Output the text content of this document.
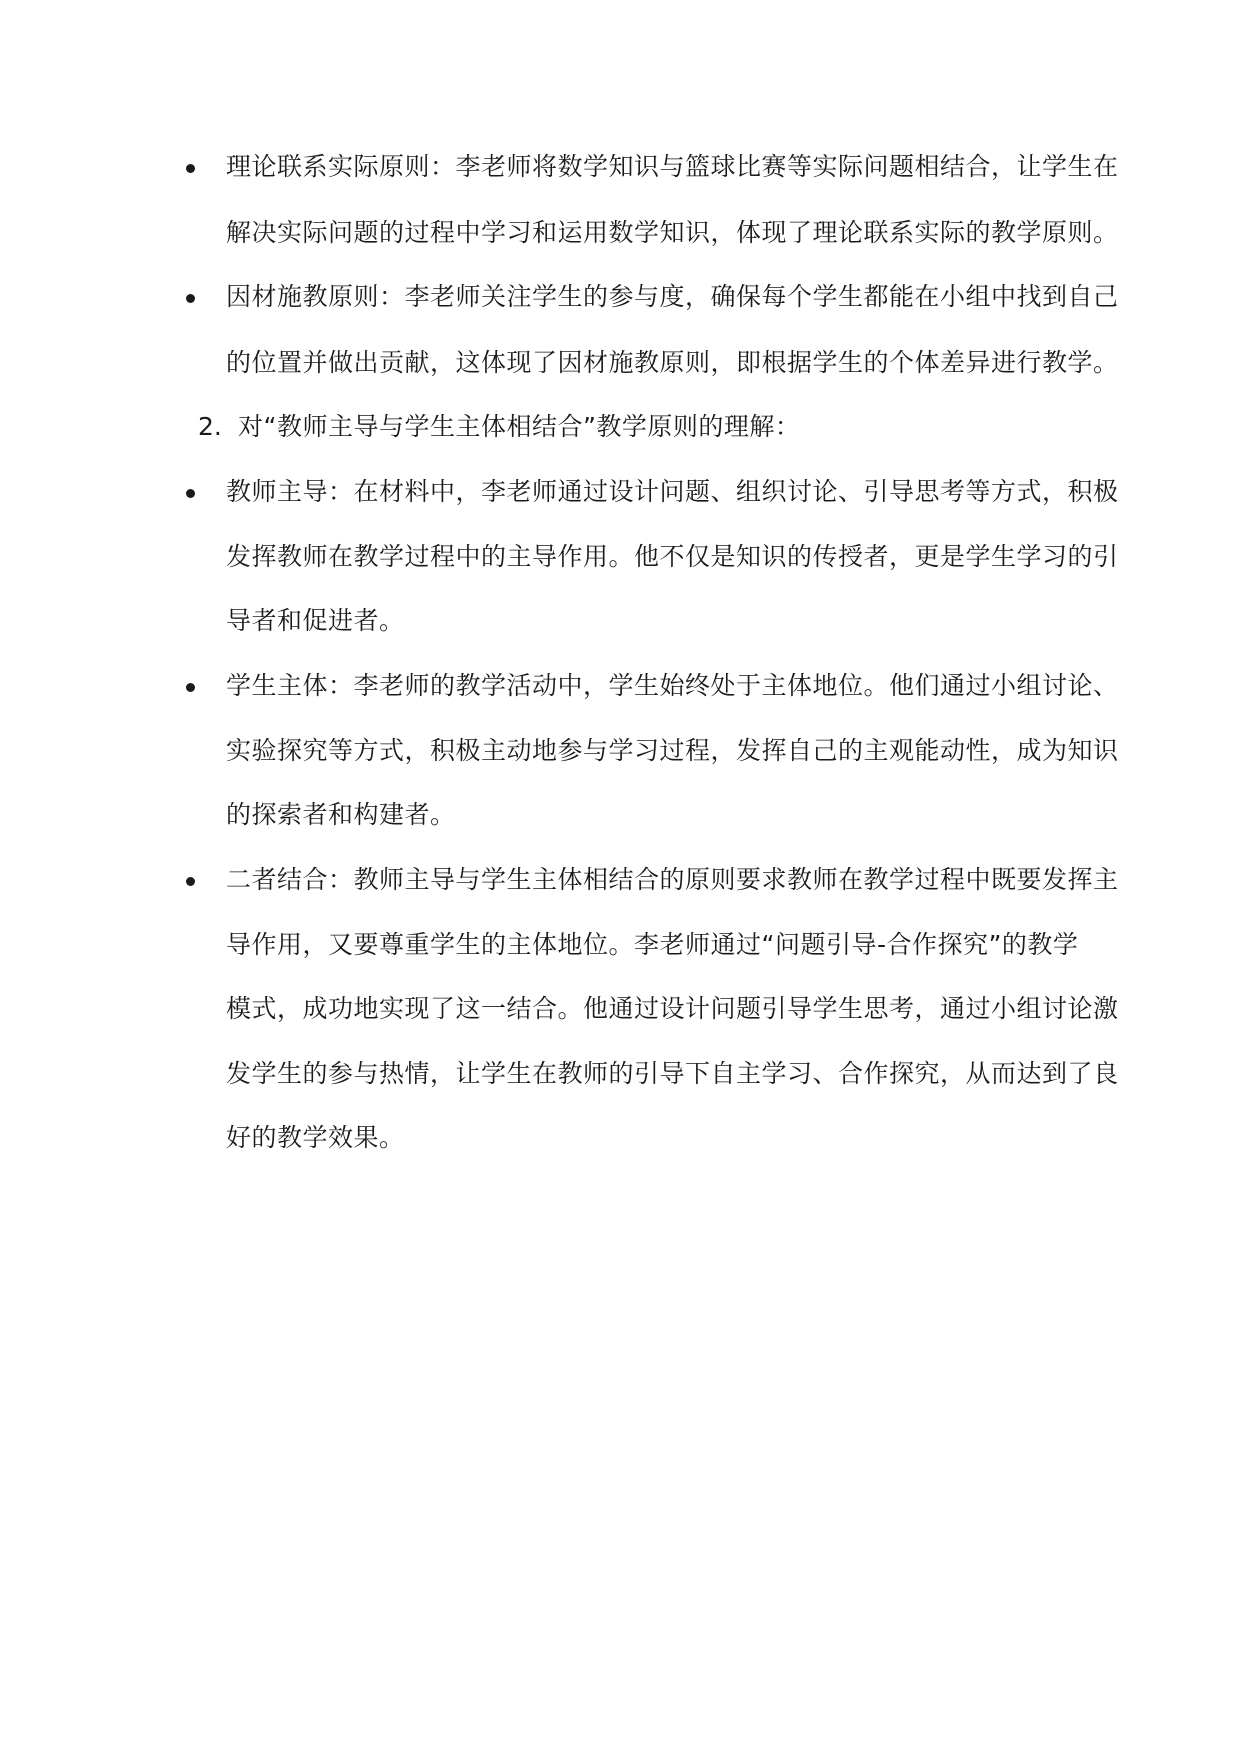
理论联系实际原则：李老师将数学知识与篮球比赛等实际问题相结合，让学生在
解决实际问题的过程中学习和运用数学知识，体现了理论联系实际的教学原则。
因材施教原则：李老师关注学生的参与度，确保每个学生都能在小组中找到自己
的位置并做出贡献，这体现了因材施教原则，即根据学生的个体差异进行教学。
2. 对“教师主导与学生主体相结合”教学原则的理解：
教师主导：在材料中，李老师通过设计问题、组织讨论、引导思考等方式，积极
发挥教师在教学过程中的主导作用。他不仅是知识的传授者，更是学生学习的引
导者和促进者。
学生主体：李老师的教学活动中，学生始终处于主体地位。他们通过小组讨论、
实验探究等方式，积极主动地参与学习过程，发挥自己的主观能动性，成为知识
的探索者和构建者。
二者结合：教师主导与学生主体相结合的原则要求教师在教学过程中既要发挥主
导作用，又要尊重学生的主体地位。李老师通过“问题引导-合作探究”的教学
模式，成功地实现了这一结合。他通过设计问题引导学生思考，通过小组讨论激
发学生的参与热情，让学生在教师的引导下自主学习、合作探究，从而达到了良
好的教学效果。
